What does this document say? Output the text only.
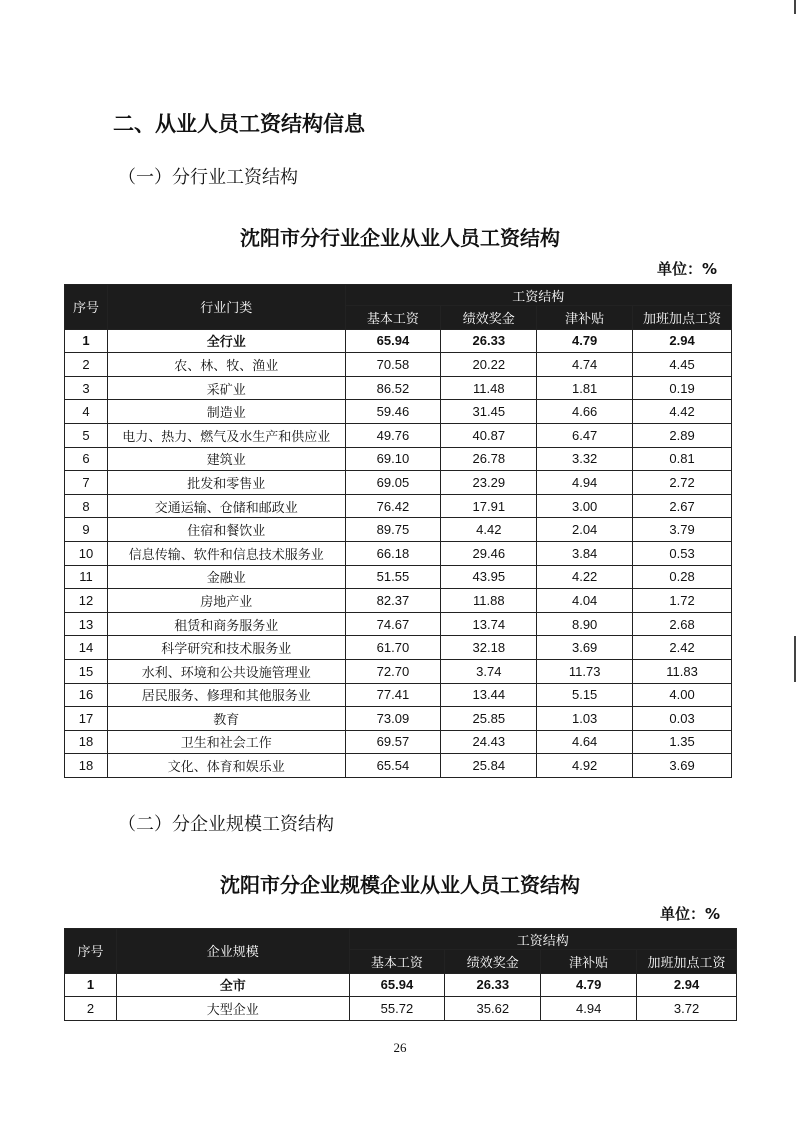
二、从业人员工资结构信息
（一）分行业工资结构
沈阳市分行业企业从业人员工资结构
单位：%
序号	行业门类	工资结构			
		基本工资	绩效奖金	津补贴	加班加点工资
1	全行业	65.94	26.33	4.79	2.94
2	农、林、牧、渔业	70.58	20.22	4.74	4.45
3	采矿业	86.52	11.48	1.81	0.19
4	制造业	59.46	31.45	4.66	4.42
5	电力、热力、燃气及水生产和供应业	49.76	40.87	6.47	2.89
6	建筑业	69.10	26.78	3.32	0.81
7	批发和零售业	69.05	23.29	4.94	2.72
8	交通运输、仓储和邮政业	76.42	17.91	3.00	2.67
9	住宿和餐饮业	89.75	4.42	2.04	3.79
10	信息传输、软件和信息技术服务业	66.18	29.46	3.84	0.53
11	金融业	51.55	43.95	4.22	0.28
12	房地产业	82.37	11.88	4.04	1.72
13	租赁和商务服务业	74.67	13.74	8.90	2.68
14	科学研究和技术服务业	61.70	32.18	3.69	2.42
15	水利、环境和公共设施管理业	72.70	3.74	11.73	11.83
16	居民服务、修理和其他服务业	77.41	13.44	5.15	4.00
17	教育	73.09	25.85	1.03	0.03
18	卫生和社会工作	69.57	24.43	4.64	1.35
18	文化、体育和娱乐业	65.54	25.84	4.92	3.69
（二）分企业规模工资结构
沈阳市分企业规模企业从业人员工资结构
单位：%
序号	企业规模	工资结构			
		基本工资	绩效奖金	津补贴	加班加点工资
1	全市	65.94	26.33	4.79	2.94
2	大型企业	55.72	35.62	4.94	3.72
26
